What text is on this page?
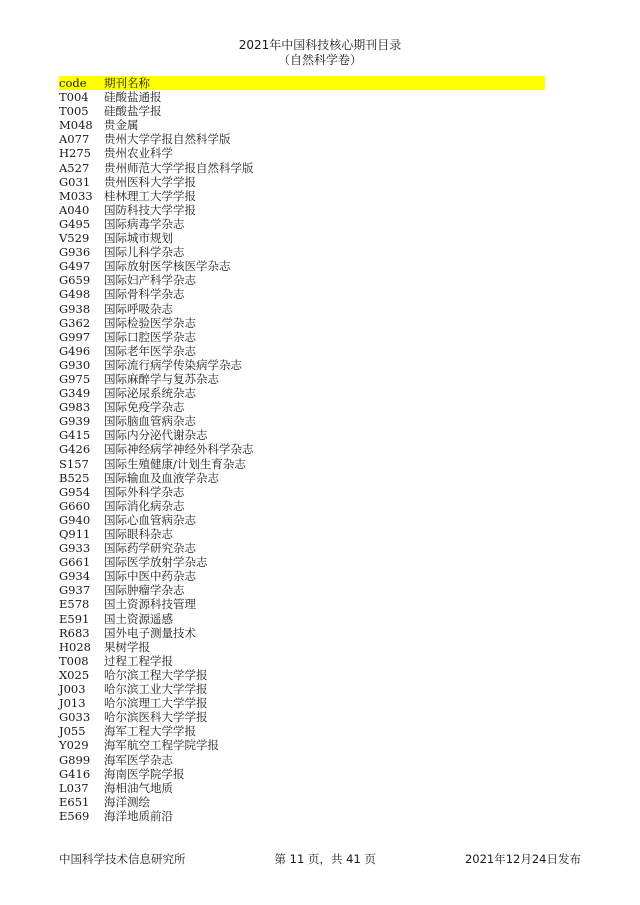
2021年中国科技核心期刊目录
（自然科学卷）
code	期刊名称
T004	硅酸盐通报
T005	硅酸盐学报
M048 贵金属
A077	贵州大学学报自然科学版
H275	贵州农业科学
A527	贵州师范大学学报自然科学版
G031	贵州医科大学学报
M033 桂林理工大学学报
A040	国防科技大学学报
G495	国际病毒学杂志
V529	国际城市规划
G936	国际儿科学杂志
G497	国际放射医学核医学杂志
G659	国际妇产科学杂志
G498	国际骨科学杂志
G938	国际呼吸杂志
G362	国际检验医学杂志
G997	国际口腔医学杂志
G496	国际老年医学杂志
G930	国际流行病学传染病学杂志
G975	国际麻醉学与复苏杂志
G349	国际泌尿系统杂志
G983	国际免疫学杂志
G939	国际脑血管病杂志
G415	国际内分泌代谢杂志
G426	国际神经病学神经外科学杂志
S157	国际生殖健康/计划生育杂志
B525	国际输血及血液学杂志
G954	国际外科学杂志
G660	国际消化病杂志
G940	国际心血管病杂志
Q911	国际眼科杂志
G933	国际药学研究杂志
G661	国际医学放射学杂志
G934	国际中医中药杂志
G937	国际肿瘤学杂志
E578	国土资源科技管理
E591	国土资源遥感
R683	国外电子测量技术
H028	果树学报
T008	过程工程学报
X025	哈尔滨工程大学学报
J003	哈尔滨工业大学学报
J013	哈尔滨理工大学学报
G033	哈尔滨医科大学学报
J055	海军工程大学学报
Y029	海军航空工程学院学报
G899	海军医学杂志
G416	海南医学院学报
L037	海相油气地质
E651	海洋测绘
E569	海洋地质前沿
中国科学技术信息研究所	第 11 页，共 41 页	2021年12月24日发布
